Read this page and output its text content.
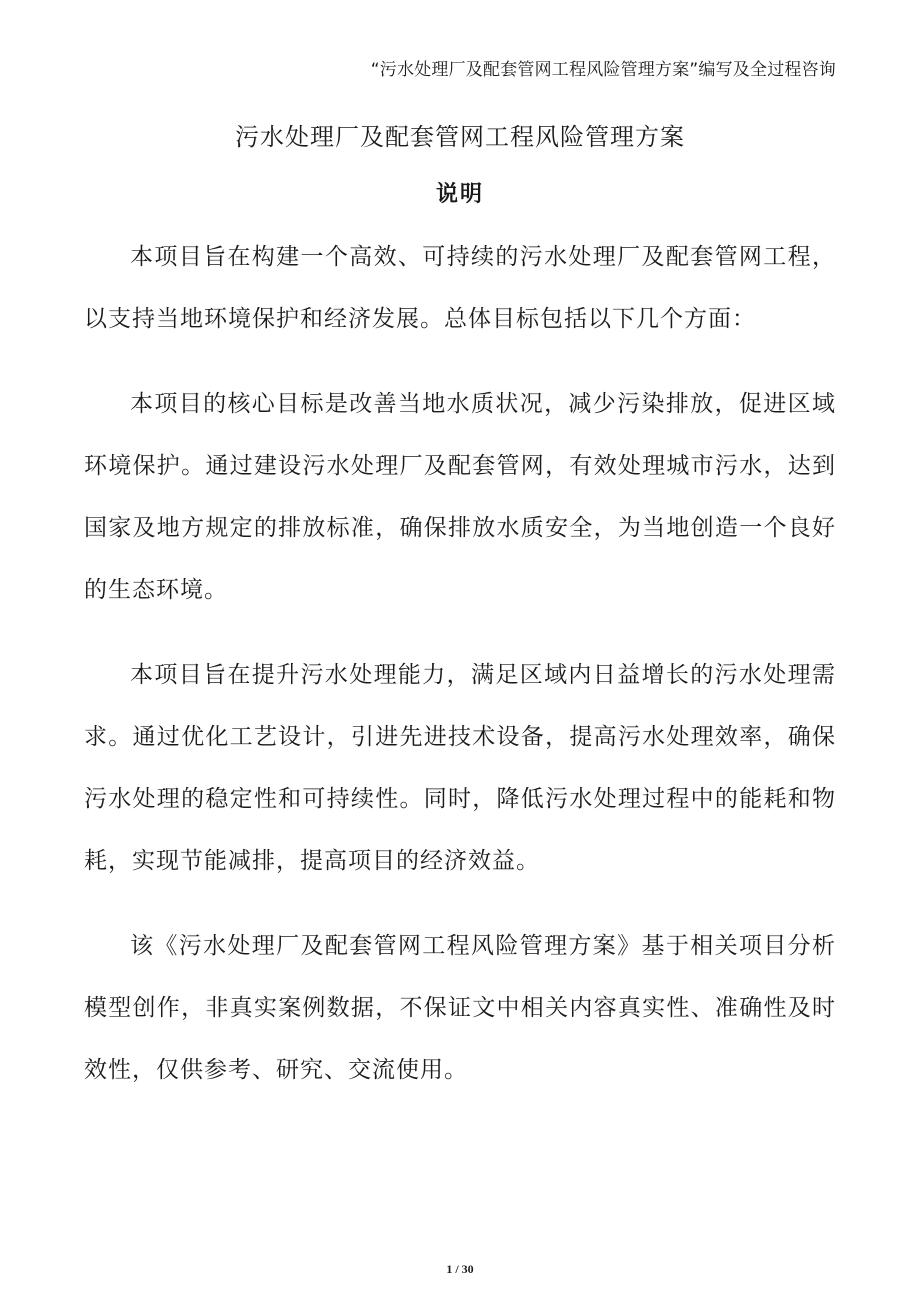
“污水处理厂及配套管网工程风险管理方案”编写及全过程咨询
污水处理厂及配套管网工程风险管理方案
说明

本项目旨在构建一个高效、可持续的污水处理厂及配套管网工程，以支持当地环境保护和经济发展。总体目标包括以下几个方面：

本项目的核心目标是改善当地水质状况，减少污染排放，促进区域环境保护。通过建设污水处理厂及配套管网，有效处理城市污水，达到国家及地方规定的排放标准，确保排放水质安全，为当地创造一个良好的生态环境。

本项目旨在提升污水处理能力，满足区域内日益增长的污水处理需求。通过优化工艺设计，引进先进技术设备，提高污水处理效率，确保污水处理的稳定性和可持续性。同时，降低污水处理过程中的能耗和物耗，实现节能减排，提高项目的经济效益。

该《污水处理厂及配套管网工程风险管理方案》基于相关项目分析模型创作，非真实案例数据，不保证文中相关内容真实性、准确性及时效性，仅供参考、研究、交流使用。

1 / 30
